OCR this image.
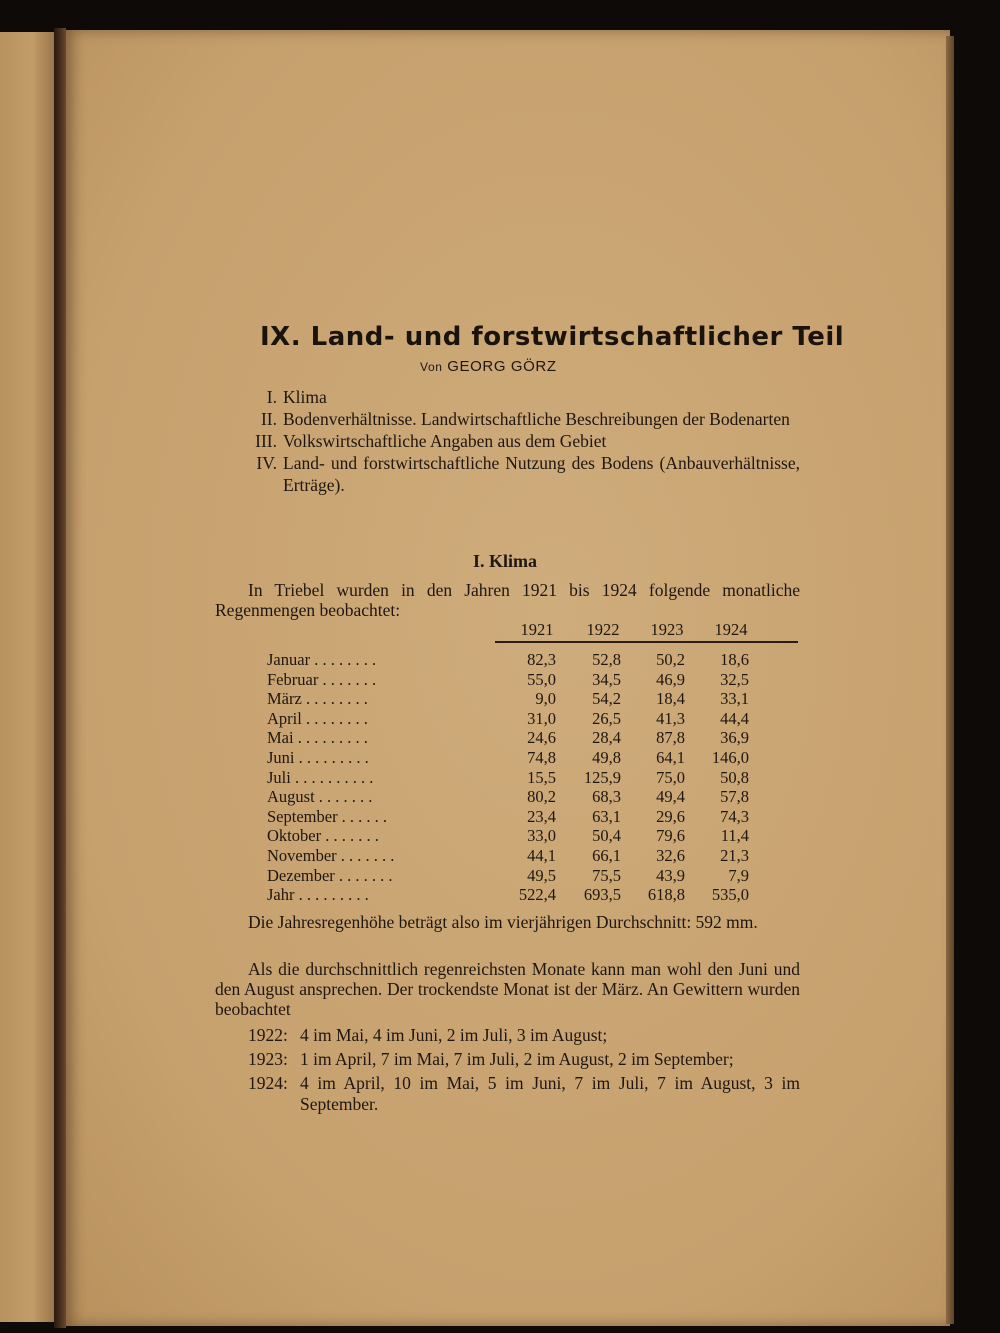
IX. Land- und forstwirtschaftlicher Teil
Von GEORG GÖRZ
I. Klima
II. Bodenverhältnisse. Landwirtschaftliche Beschreibungen der Bodenarten
III. Volkswirtschaftliche Angaben aus dem Gebiet
IV. Land- und forstwirtschaftliche Nutzung des Bodens (Anbauverhältnisse, Erträge).
I. Klima
In Triebel wurden in den Jahren 1921 bis 1924 folgende monatliche Regenmengen beobachtet:
1921	1922	1923	1924
Januar . . . . . . . .	82,3	52,8	50,2	18,6
Februar . . . . . . .	55,0	34,5	46,9	32,5
März . . . . . . . .	9,0	54,2	18,4	33,1
April . . . . . . . .	31,0	26,5	41,3	44,4
Mai . . . . . . . . .	24,6	28,4	87,8	36,9
Juni . . . . . . . . .	74,8	49,8	64,1	146,0
Juli . . . . . . . . . .	15,5	125,9	75,0	50,8
August . . . . . . .	80,2	68,3	49,4	57,8
September . . . . . .	23,4	63,1	29,6	74,3
Oktober . . . . . . .	33,0	50,4	79,6	11,4
November . . . . . . .	44,1	66,1	32,6	21,3
Dezember . . . . . . .	49,5	75,5	43,9	7,9
Jahr . . . . . . . . .	522,4	693,5	618,8	535,0
Die Jahresregenhöhe beträgt also im vierjährigen Durchschnitt: 592 mm.
Als die durchschnittlich regenreichsten Monate kann man wohl den Juni und den August ansprechen. Der trockendste Monat ist der März. An Gewittern wurden beobachtet
1922: 4 im Mai, 4 im Juni, 2 im Juli, 3 im August;
1923: 1 im April, 7 im Mai, 7 im Juli, 2 im August, 2 im September;
1924: 4 im April, 10 im Mai, 5 im Juni, 7 im Juli, 7 im August, 3 im September.
